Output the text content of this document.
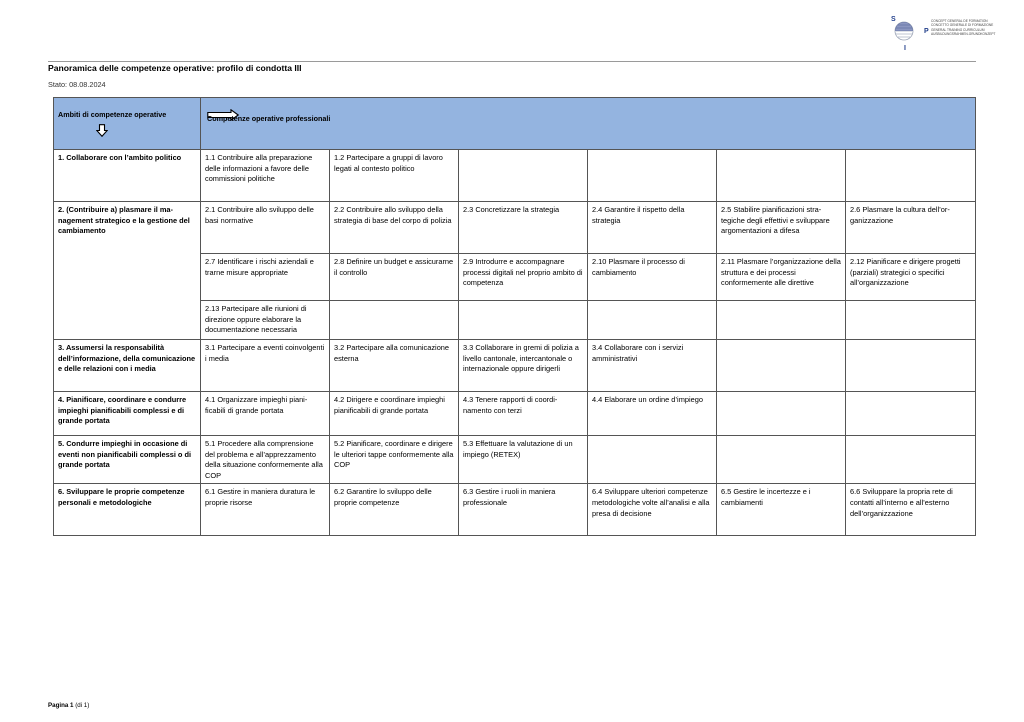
S
P
I
CONCEPT GENERAL DE FORMATION
CONCETTO GENERALE DI FORMAZIONE
GENERAL TRAINING CURRICULUM
AUSBILDUNGSRAHMEN-GRUNDKONZEPT
Panoramica delle competenze operative: profilo di condotta III
Stato: 08.08.2024
Ambiti di competenze operative	Competenze operative professionali					

1. Collaborare con l’ambito politico	1.1 Contribuire alla preparazione delle informazioni a favore delle commissioni politiche	1.2 Partecipare a gruppi di lavoro legati al contesto politico				
2. (Contribuire a) plasmare il management strategico e la gestione del cambiamento	2.1 Contribuire allo sviluppo delle basi normative	2.2 Contribuire allo sviluppo della strategia di base del corpo di polizia	2.3 Concretizzare la strategia	2.4 Garantire il rispetto della strategia	2.5 Stabilire pianificazioni strategiche degli effettivi e sviluppare argomentazioni a difesa	2.6 Plasmare la cultura dell’organizzazione
	2.7 Identificare i rischi aziendali e trarne misure appropriate	2.8 Definire un budget e assicurarne il controllo	2.9 Introdurre e accompagnare processi digitali nel proprio ambito di competenza	2.10 Plasmare il processo di cambiamento	2.11 Plasmare l’organizzazione della struttura e dei processi conformemente alle direttive	2.12 Pianificare e dirigere progetti (parziali) strategici o specifici all’organizzazione
	2.13 Partecipare alle riunioni di direzione oppure elaborare la documentazione necessaria					
3. Assumersi la responsabilità dell’informazione, della comunicazione e delle relazioni con i media	3.1 Partecipare a eventi coinvolgenti i media	3.2 Partecipare alla comunicazione esterna	3.3 Collaborare in gremi di polizia a livello cantonale, intercantonale o internazionale oppure dirigerli	3.4 Collaborare con i servizi amministrativi		
4. Pianificare, coordinare e condurre impieghi pianificabili complessi e di grande portata	4.1 Organizzare impieghi pianificabili di grande portata	4.2 Dirigere e coordinare impieghi pianificabili di grande portata	4.3 Tenere rapporti di coordinamento con terzi	4.4 Elaborare un ordine d’impiego		
5. Condurre impieghi in occasione di eventi non pianificabili complessi o di grande portata	5.1 Procedere alla comprensione del problema e all’apprezzamento della situazione conformemente alla COP	5.2 Pianificare, coordinare e dirigere le ulteriori tappe conformemente alla COP	5.3 Effettuare la valutazione di un impiego (RETEX)			
6. Sviluppare le proprie competenze personali e metodologiche	6.1 Gestire in maniera duratura le proprie risorse	6.2 Garantire lo sviluppo delle proprie competenze	6.3 Gestire i ruoli in maniera professionale	6.4 Sviluppare ulteriori competenze metodologiche volte all’analisi e alla presa di decisione	6.5 Gestire le incertezze e i cambiamenti	6.6 Sviluppare la propria rete di contatti all’interno e all’esterno dell’organizzazione
Pagina 1 (di 1)
